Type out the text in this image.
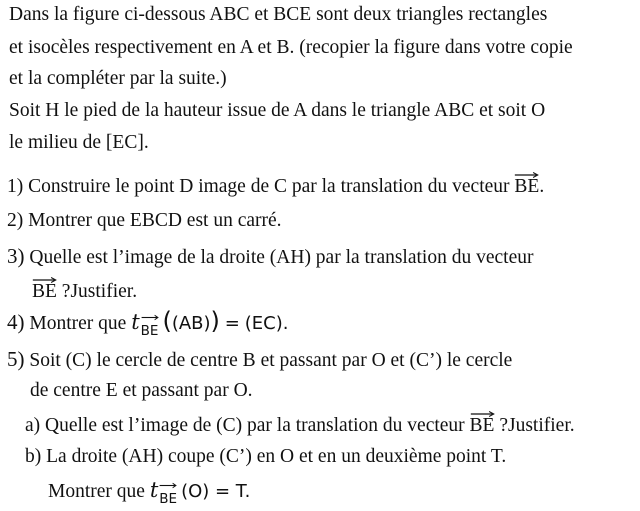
Dans la figure ci-dessous ABC et BCE sont deux triangles rectangles
et isocèles respectivement en A et B. (recopier la figure dans votre copie
et la compléter par la suite.)
Soit H le pied de la hauteur issue de A dans le triangle ABC et soit O
le milieu de [EC].
1) Construire le point D image de C par la translation du vecteur BE.
2) Montrer que EBCD est un carré.
3) Quelle est l’image de la droite (AH) par la translation du vecteur
BE ?Justifier.
4) Montrer que t
BE ((AB)) = (EC).
5) Soit (C) le cercle de centre B et passant par O et (C’) le cercle
de centre E et passant par O.
a) Quelle est l’image de (C) par la translation du vecteur BE ?Justifier.
b) La droite (AH) coupe (C’) en O et en un deuxième point T.
Montrer que t
BE (O) = T.
